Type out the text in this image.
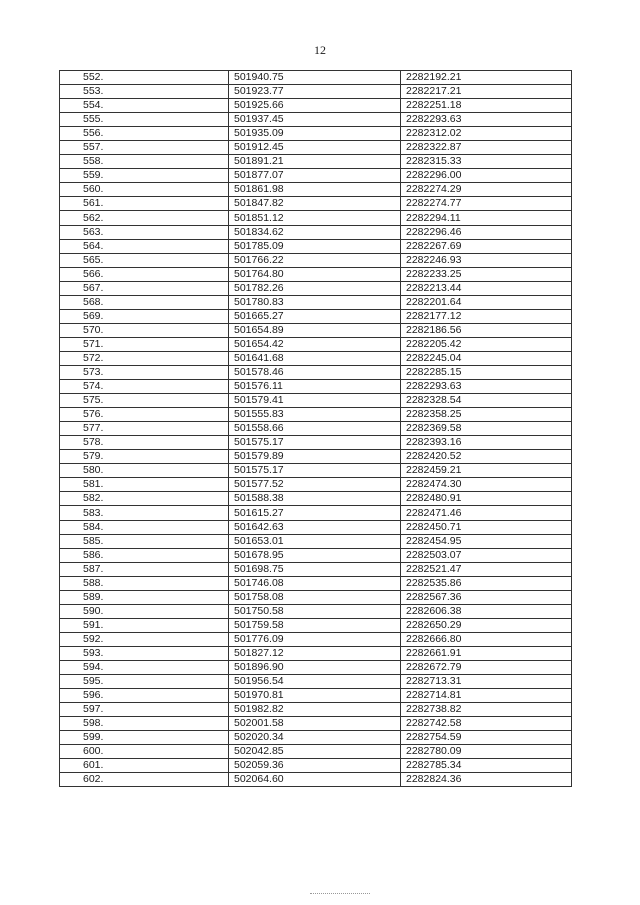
12
552.	501940.75	2282192.21
553.	501923.77	2282217.21
554.	501925.66	2282251.18
555.	501937.45	2282293.63
556.	501935.09	2282312.02
557.	501912.45	2282322.87
558.	501891.21	2282315.33
559.	501877.07	2282296.00
560.	501861.98	2282274.29
561.	501847.82	2282274.77
562.	501851.12	2282294.11
563.	501834.62	2282296.46
564.	501785.09	2282267.69
565.	501766.22	2282246.93
566.	501764.80	2282233.25
567.	501782.26	2282213.44
568.	501780.83	2282201.64
569.	501665.27	2282177.12
570.	501654.89	2282186.56
571.	501654.42	2282205.42
572.	501641.68	2282245.04
573.	501578.46	2282285.15
574.	501576.11	2282293.63
575.	501579.41	2282328.54
576.	501555.83	2282358.25
577.	501558.66	2282369.58
578.	501575.17	2282393.16
579.	501579.89	2282420.52
580.	501575.17	2282459.21
581.	501577.52	2282474.30
582.	501588.38	2282480.91
583.	501615.27	2282471.46
584.	501642.63	2282450.71
585.	501653.01	2282454.95
586.	501678.95	2282503.07
587.	501698.75	2282521.47
588.	501746.08	2282535.86
589.	501758.08	2282567.36
590.	501750.58	2282606.38
591.	501759.58	2282650.29
592.	501776.09	2282666.80
593.	501827.12	2282661.91
594.	501896.90	2282672.79
595.	501956.54	2282713.31
596.	501970.81	2282714.81
597.	501982.82	2282738.82
598.	502001.58	2282742.58
599.	502020.34	2282754.59
600.	502042.85	2282780.09
601.	502059.36	2282785.34
602.	502064.60	2282824.36
